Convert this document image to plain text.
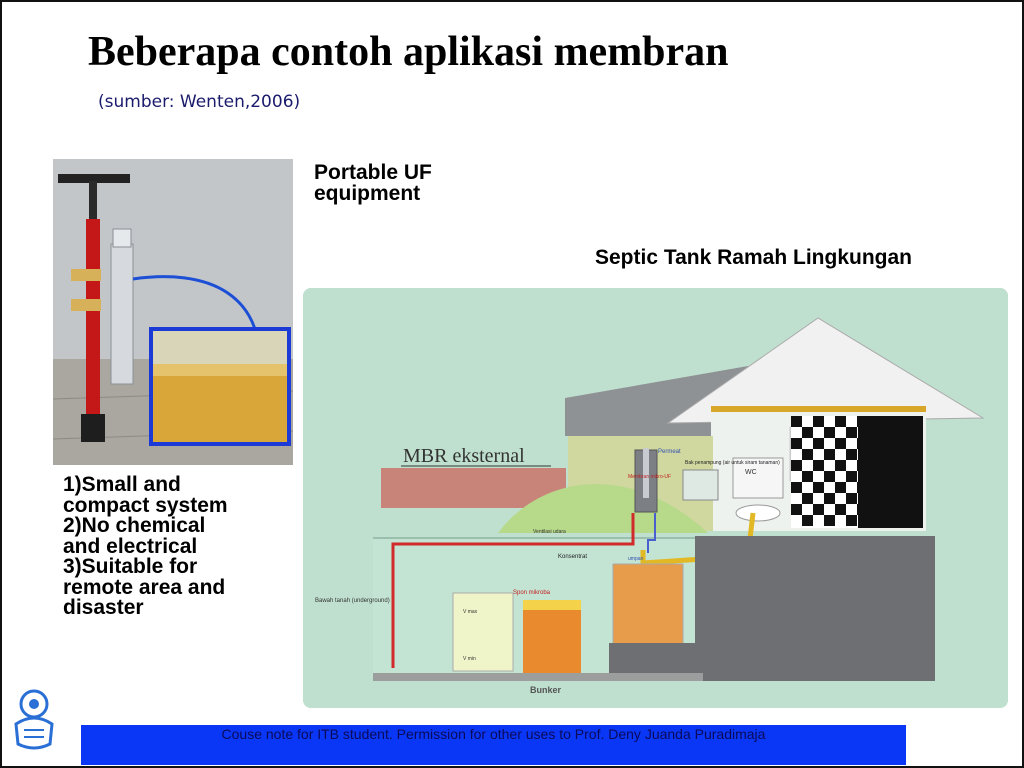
Beberapa contoh aplikasi membran
(sumber: Wenten,2006)
Portable UF
equipment
Septic Tank Ramah Lingkungan
1)Small and
compact system
2)No chemical
and electrical
3)Suitable for
remote area and
disaster
WC
MBR eksternal	Permeat
Membran mikro-UF
Bak penampung (air untuk siram tanaman)
Ventilasi udara
Bawah tanah (underground)
V max
V min
Spon mikroba
Konsentrat	umpan
Bunker
Couse note for ITB student. Permission for other uses to Prof. Deny Juanda Puradimaja
